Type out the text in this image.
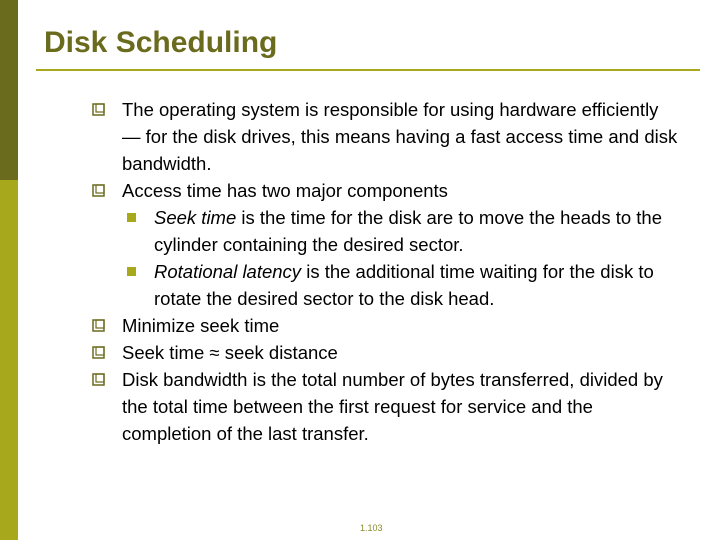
Disk Scheduling
The operating system is responsible for using hardware efficiently — for the disk drives, this means having a fast access time and disk bandwidth.
Access time has two major components
Seek time is the time for the disk are to move the heads to the cylinder containing the desired sector.
Rotational latency is the additional time waiting for the disk to rotate the desired sector to the disk head.
Minimize seek time
Seek time ≈ seek distance
Disk bandwidth is the total number of bytes transferred, divided by the total time between the first request for service and the completion of the last transfer.
1.103
